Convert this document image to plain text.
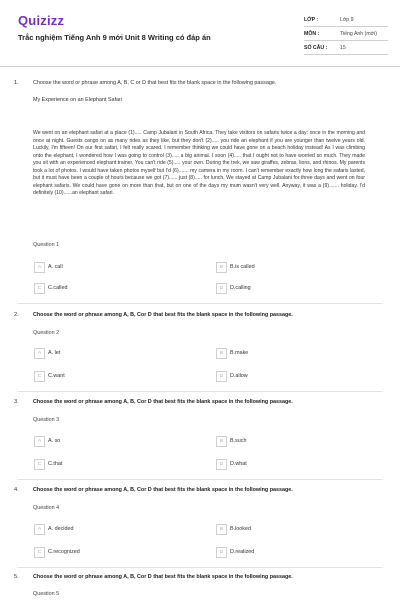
Quizizz
Trắc nghiệm Tiếng Anh 9 mới Unit 8 Writing có đáp án
LỚP :	Lớp 9
MÔN :	Tiếng Anh (mới)
SỐ CÂU : 15
1.	Choose the word or phrase among A, B, C or D that best fits the blank space in the following passage.
My Experience on an Elephant Safari

We went on an elephant safari at a place (1)..... Camp Jubalani in South Africa. They take visitors on safaris twice a day: once in the morning and once at night. Guests cango on as many rides as they like, but they don't (2)..... you ride an elephant if you are younger than twelve years old. Luckily, I'm fifteen! On our first safari, I felt really scared. I remember thinking we could have gone on a beach holiday instead! As I was climbing onto the elephant, I wondered how I was going to control (3)..... a big animal. I soon (4)..... that I ought not to have worried so much. They made you sit with an experienced elephant trainer. You can't ride (5)..... your own. During the trek, we saw giraffes, zebras, lions, and rhinos. My parents took a lot of photos. I would have taken photos myself but I'd (6)....... my camera in my room. I can't remember exactly how long the safaris lasted, but it must have been a couple of hours because we got (7)...... just (8)..... for lunch. We stayed at Camp Jubalani for three days and went on four elephant safaris. We could have gone on more than that, but on one of the days my mum wasn't very well. Anyway, it was a (9)....... holiday. I'd definitely (10)......an elephant safari.

Question 1
A	A. call	B	B.is called
C	C.called	D	D.calling
2.	Choose the word or phrase among A, B, Cor D that best fits the blank space in the following passage.
Question 2
A	A. let	B	B.make
C	C.want	D	D.allow
3.	Choose the word or phrase among A, B, Cor D that best fits the blank space in the following passage.
Question 3
A	A. so	B	B.such
C	C.that	D	D.what
4.	Choose the word or phrase among A, B, Cor D that best fits the blank space in the following passage.
Question 4
A	A. decided	B	B.looked
C	C.recognized	D	D.realized
5.	Choose the word or phrase among A, B, Cor D that best fits the blank space in the following passage.
Question 5
